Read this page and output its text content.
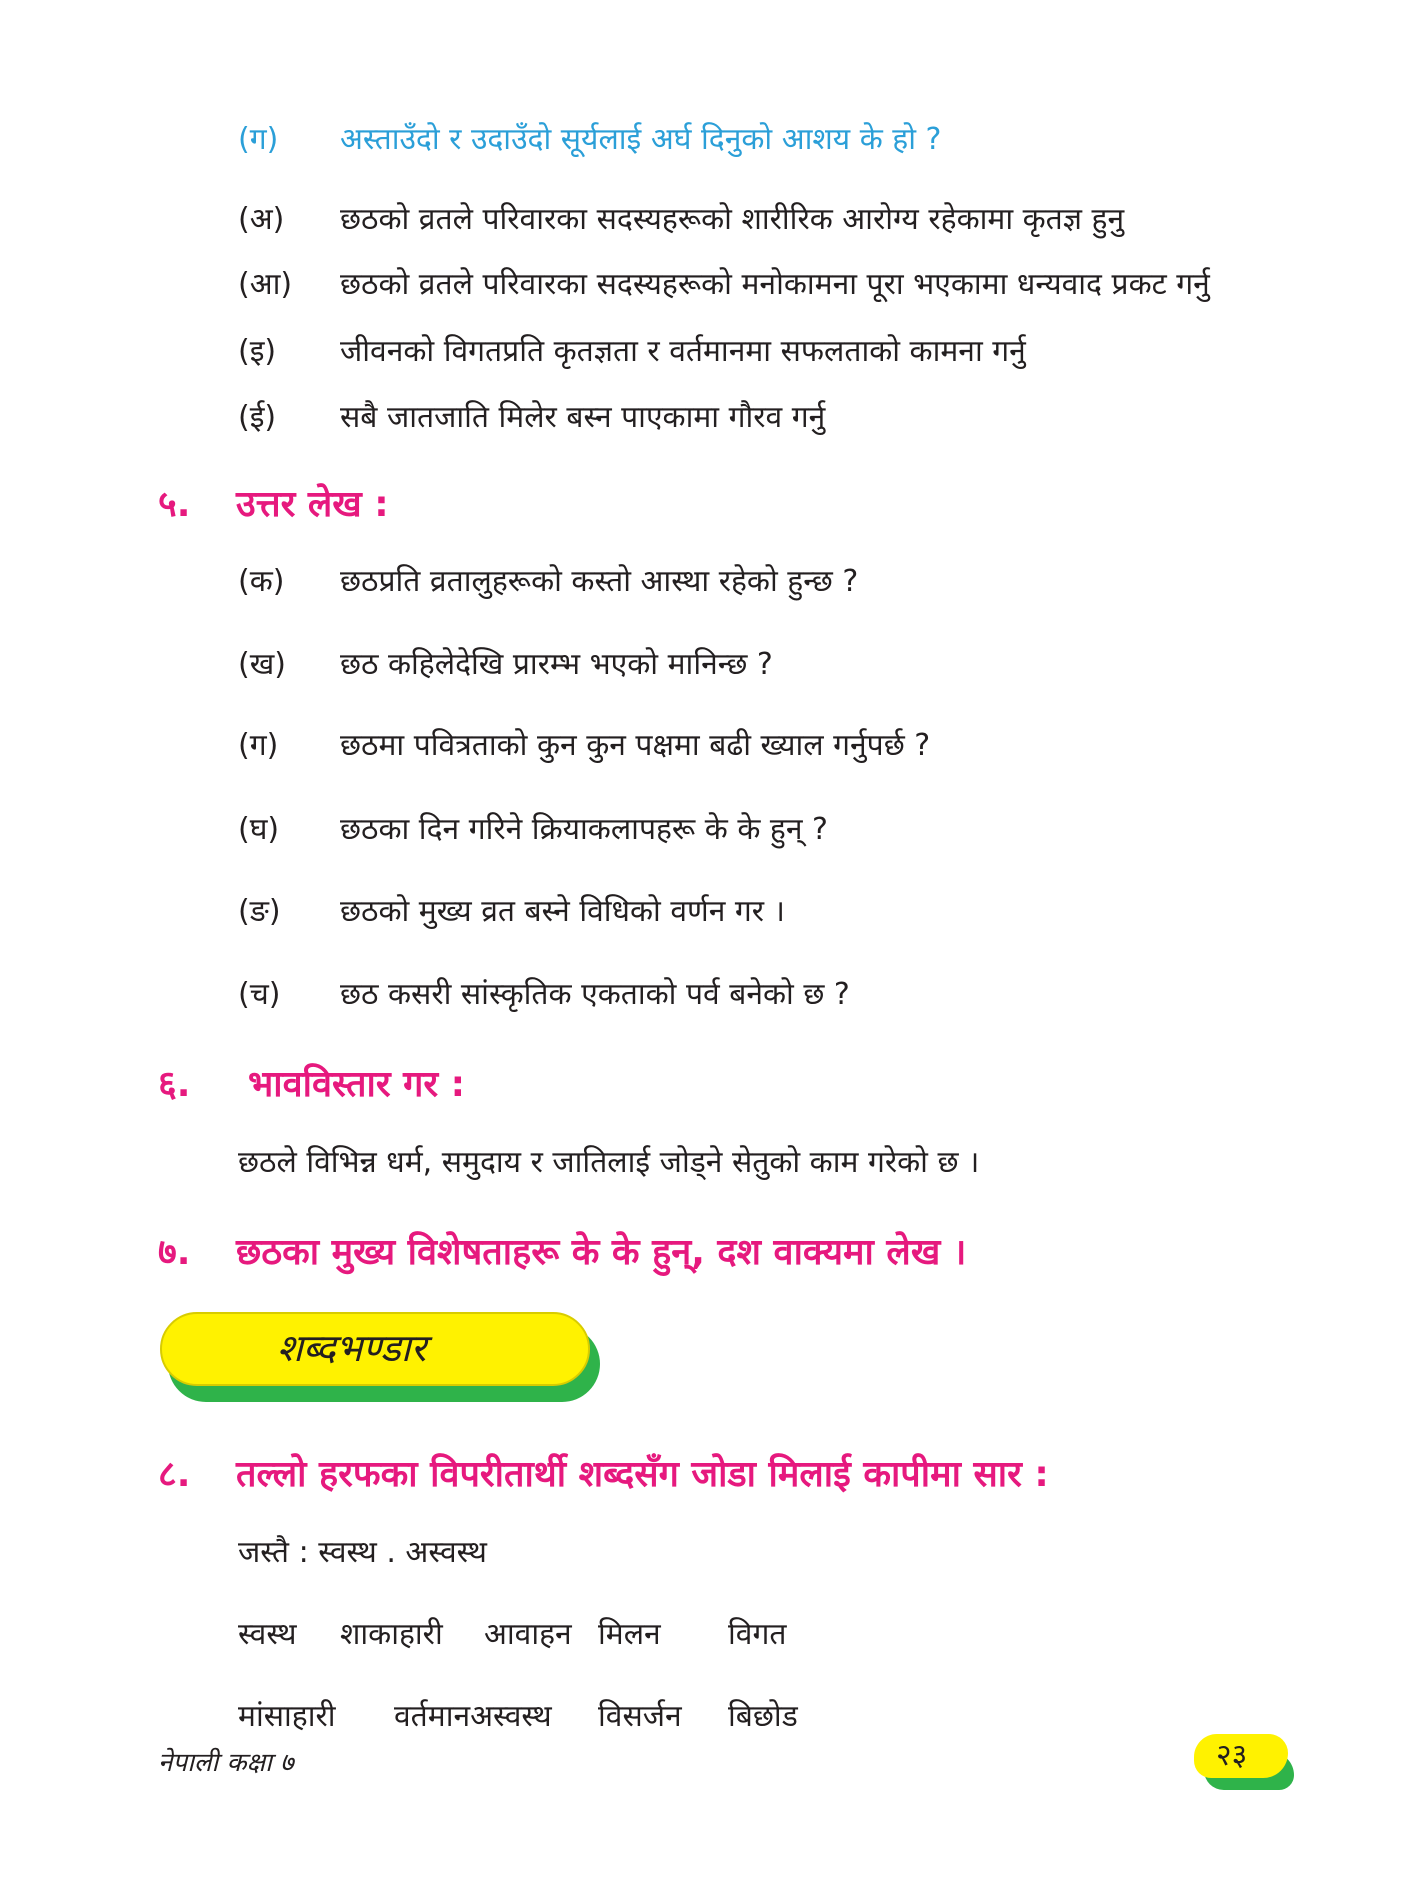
(ग) अस्ताउँदो र उदाउँदो सूर्यलाई अर्घ दिनुको आशय के हो ?
(अ) छठको व्रतले परिवारका सदस्यहरूको शारीरिक आरोग्य रहेकामा कृतज्ञ हुनु
(आ) छठको व्रतले परिवारका सदस्यहरूको मनोकामना पूरा भएकामा धन्यवाद प्रकट गर्नु
(इ) जीवनको विगतप्रति कृतज्ञता र वर्तमानमा सफलताको कामना गर्नु
(ई) सबै जातजाति मिलेर बस्न पाएकामा गौरव गर्नु
५. उत्तर लेख :
(क) छठप्रति व्रतालुहरूको कस्तो आस्था रहेको हुन्छ ?
(ख) छठ कहिलेदेखि प्रारम्भ भएको मानिन्छ ?
(ग) छठमा पवित्रताको कुन कुन पक्षमा बढी ख्याल गर्नुपर्छ ?
(घ) छठका दिन गरिने क्रियाकलापहरू के के हुन् ?
(ङ) छठको मुख्य व्रत बस्ने विधिको वर्णन गर ।
(च) छठ कसरी सांस्कृतिक एकताको पर्व बनेको छ ?
६. भावविस्तार गर :
छठले विभिन्न धर्म, समुदाय र जातिलाई जोड्ने सेतुको काम गरेको छ ।
७. छठका मुख्य विशेषताहरू के के हुन्, दश वाक्यमा लेख ।
शब्दभण्डार
८. तल्लो हरफका विपरीतार्थी शब्दसँग जोडा मिलाई कापीमा सार :
जस्तै : स्वस्थ . अस्वस्थ
स्वस्थ शाकाहारी आवाहन मिलन विगत
मांसाहारी वर्तमानअस्वस्थ विसर्जन बिछोड
नेपाली कक्षा ७	२३
